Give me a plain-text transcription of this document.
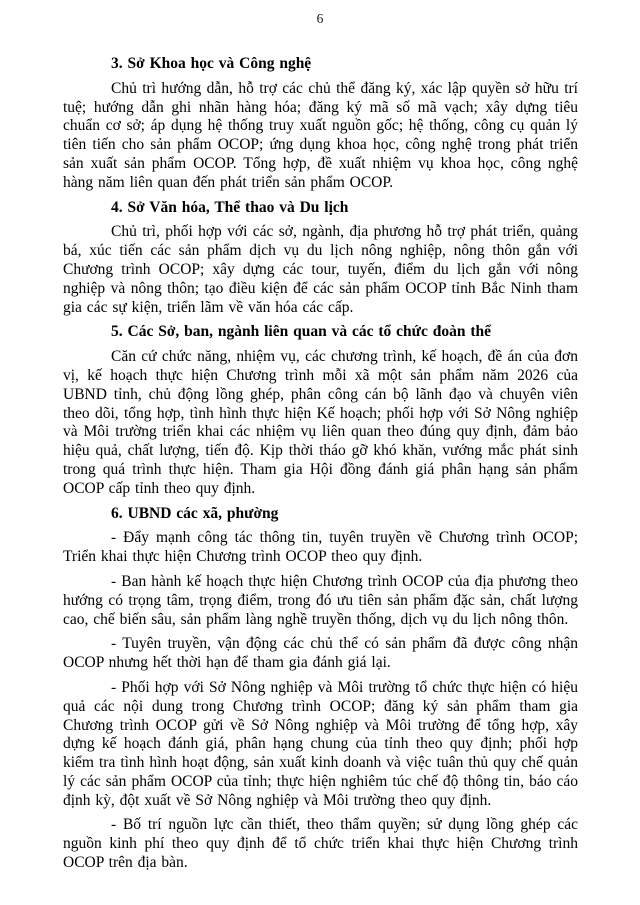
6

3. Sở Khoa học và Công nghệ

Chủ trì hướng dẫn, hỗ trợ các chủ thể đăng ký, xác lập quyền sở hữu trí tuệ; hướng dẫn ghi nhãn hàng hóa; đăng ký mã số mã vạch; xây dựng tiêu chuẩn cơ sở; áp dụng hệ thống truy xuất nguồn gốc; hệ thống, công cụ quản lý tiên tiến cho sản phẩm OCOP; ứng dụng khoa học, công nghệ trong phát triển sản xuất sản phẩm OCOP. Tổng hợp, đề xuất nhiệm vụ khoa học, công nghệ hàng năm liên quan đến phát triển sản phẩm OCOP.

4. Sở Văn hóa, Thể thao và Du lịch

Chủ trì, phối hợp với các sở, ngành, địa phương hỗ trợ phát triển, quảng bá, xúc tiến các sản phẩm dịch vụ du lịch nông nghiệp, nông thôn gắn với Chương trình OCOP; xây dựng các tour, tuyến, điểm du lịch gắn với nông nghiệp và nông thôn; tạo điều kiện để các sản phẩm OCOP tỉnh Bắc Ninh tham gia các sự kiện, triển lãm về văn hóa các cấp.

5. Các Sở, ban, ngành liên quan và các tổ chức đoàn thể

Căn cứ chức năng, nhiệm vụ, các chương trình, kế hoạch, đề án của đơn vị, kế hoạch thực hiện Chương trình mỗi xã một sản phẩm năm 2026 của UBND tỉnh, chủ động lồng ghép, phân công cán bộ lãnh đạo và chuyên viên theo dõi, tổng hợp, tình hình thực hiện Kế hoạch; phối hợp với Sở Nông nghiệp và Môi trường triển khai các nhiệm vụ liên quan theo đúng quy định, đảm bảo hiệu quả, chất lượng, tiến độ. Kịp thời tháo gỡ khó khăn, vướng mắc phát sinh trong quá trình thực hiện. Tham gia Hội đồng đánh giá phân hạng sản phẩm OCOP cấp tỉnh theo quy định.

6. UBND các xã, phường

- Đẩy mạnh công tác thông tin, tuyên truyền về Chương trình OCOP; Triển khai thực hiện Chương trình OCOP theo quy định.

- Ban hành kế hoạch thực hiện Chương trình OCOP của địa phương theo hướng có trọng tâm, trọng điểm, trong đó ưu tiên sản phẩm đặc sản, chất lượng cao, chế biến sâu, sản phẩm làng nghề truyền thống, dịch vụ du lịch nông thôn.

- Tuyên truyền, vận động các chủ thể có sản phẩm đã được công nhận OCOP nhưng hết thời hạn để tham gia đánh giá lại.

- Phối hợp với Sở Nông nghiệp và Môi trường tổ chức thực hiện có hiệu quả các nội dung trong Chương trình OCOP; đăng ký sản phẩm tham gia Chương trình OCOP gửi về Sở Nông nghiệp và Môi trường để tổng hợp, xây dựng kế hoạch đánh giá, phân hạng chung của tỉnh theo quy định; phối hợp kiểm tra tình hình hoạt động, sản xuất kinh doanh và việc tuân thủ quy chế quản lý các sản phẩm OCOP của tỉnh; thực hiện nghiêm túc chế độ thông tin, báo cáo định kỳ, đột xuất về Sở Nông nghiệp và Môi trường theo quy định.

- Bố trí nguồn lực cần thiết, theo thẩm quyền; sử dụng lồng ghép các nguồn kinh phí theo quy định để tổ chức triển khai thực hiện Chương trình OCOP trên địa bàn.
